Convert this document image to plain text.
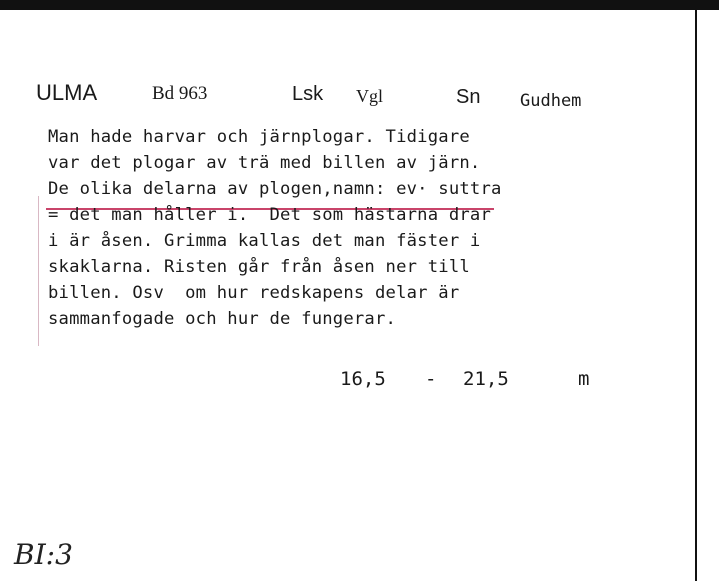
ULMA	Bd 963	Lsk Vgl	Sn Gudhem
Man hade harvar och järnplogar. Tidigare
var det plogar av trä med billen av järn.
De olika delarna av plogen,namn: ev· suttra
= det man håller i.  Det som hästarna drar
i är åsen. Grimma kallas det man fäster i
skaklarna. Risten går från åsen ner till
billen. Osv  om hur redskapens delar är
sammanfogade och hur de fungerar.
16,5 - 21,5	m
BI:3
